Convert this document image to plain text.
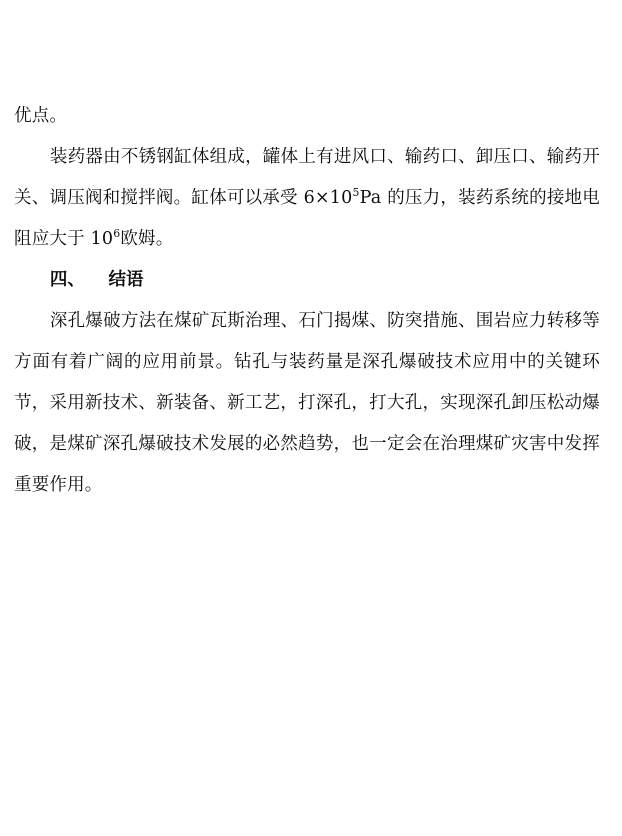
优点。

装药器由不锈钢缸体组成，罐体上有进风口、输药口、卸压口、输药开关、调压阀和搅拌阀。缸体可以承受 $6\times 10^5Pa$ 的压力，装药系统的接地电阻应大于 $10^6$欧姆。

四、 结语

深孔爆破方法在煤矿瓦斯治理、石门揭煤、防突措施、围岩应力转移等方面有着广阔的应用前景。钻孔与装药量是深孔爆破技术应用中的关键环节，采用新技术、新装备、新工艺，打深孔，打大孔，实现深孔卸压松动爆破，是煤矿深孔爆破技术发展的必然趋势，也一定会在治理煤矿灾害中发挥重要作用。
